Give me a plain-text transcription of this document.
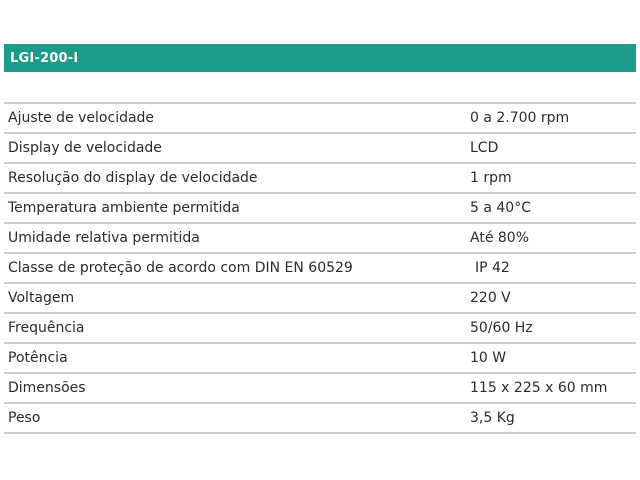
LGI-200-I
Ajuste de velocidade	0 a 2.700 rpm
Display de velocidade	LCD
Resolução do display de velocidade	1 rpm
Temperatura ambiente permitida	5 a 40°C
Umidade relativa permitida	Até 80%
Classe de proteção de acordo com DIN EN 60529	IP 42
Voltagem	220 V
Frequência	50/60 Hz
Potência	10 W
Dimensões	115 x 225 x 60 mm
Peso	3,5 Kg
